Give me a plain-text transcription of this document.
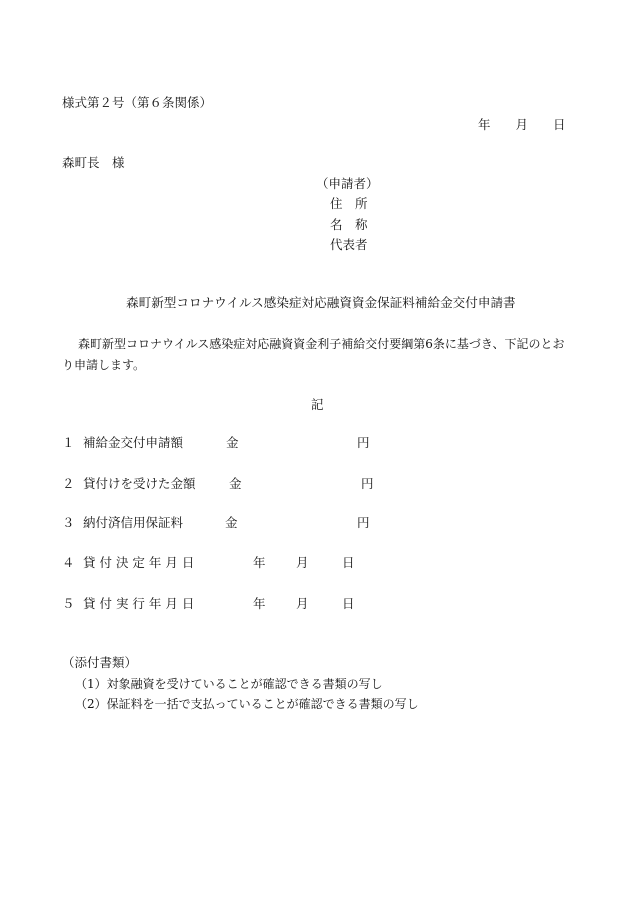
様式第２号（第６条関係）
年　　月　　日
森町長　様
（申請者）
住　所
名　称
代表者
森町新型コロナウイルス感染症対応融資資金保証料補給金交付申請書
森町新型コロナウイルス感染症対応融資資金利子補給交付要綱第6条に基づき、下記のとお
り申請します。
記
１ 補給金交付申請額	金	円
２ 貸付けを受けた金額	金	円
３ 納付済信用保証料	金	円
４ 貸 付 決 定 年 月 日	年 月	日
５ 貸 付 実 行 年 月 日	年 月	日
（添付書類）
（1）対象融資を受けていることが確認できる書類の写し
（2）保証料を一括で支払っていることが確認できる書類の写し
